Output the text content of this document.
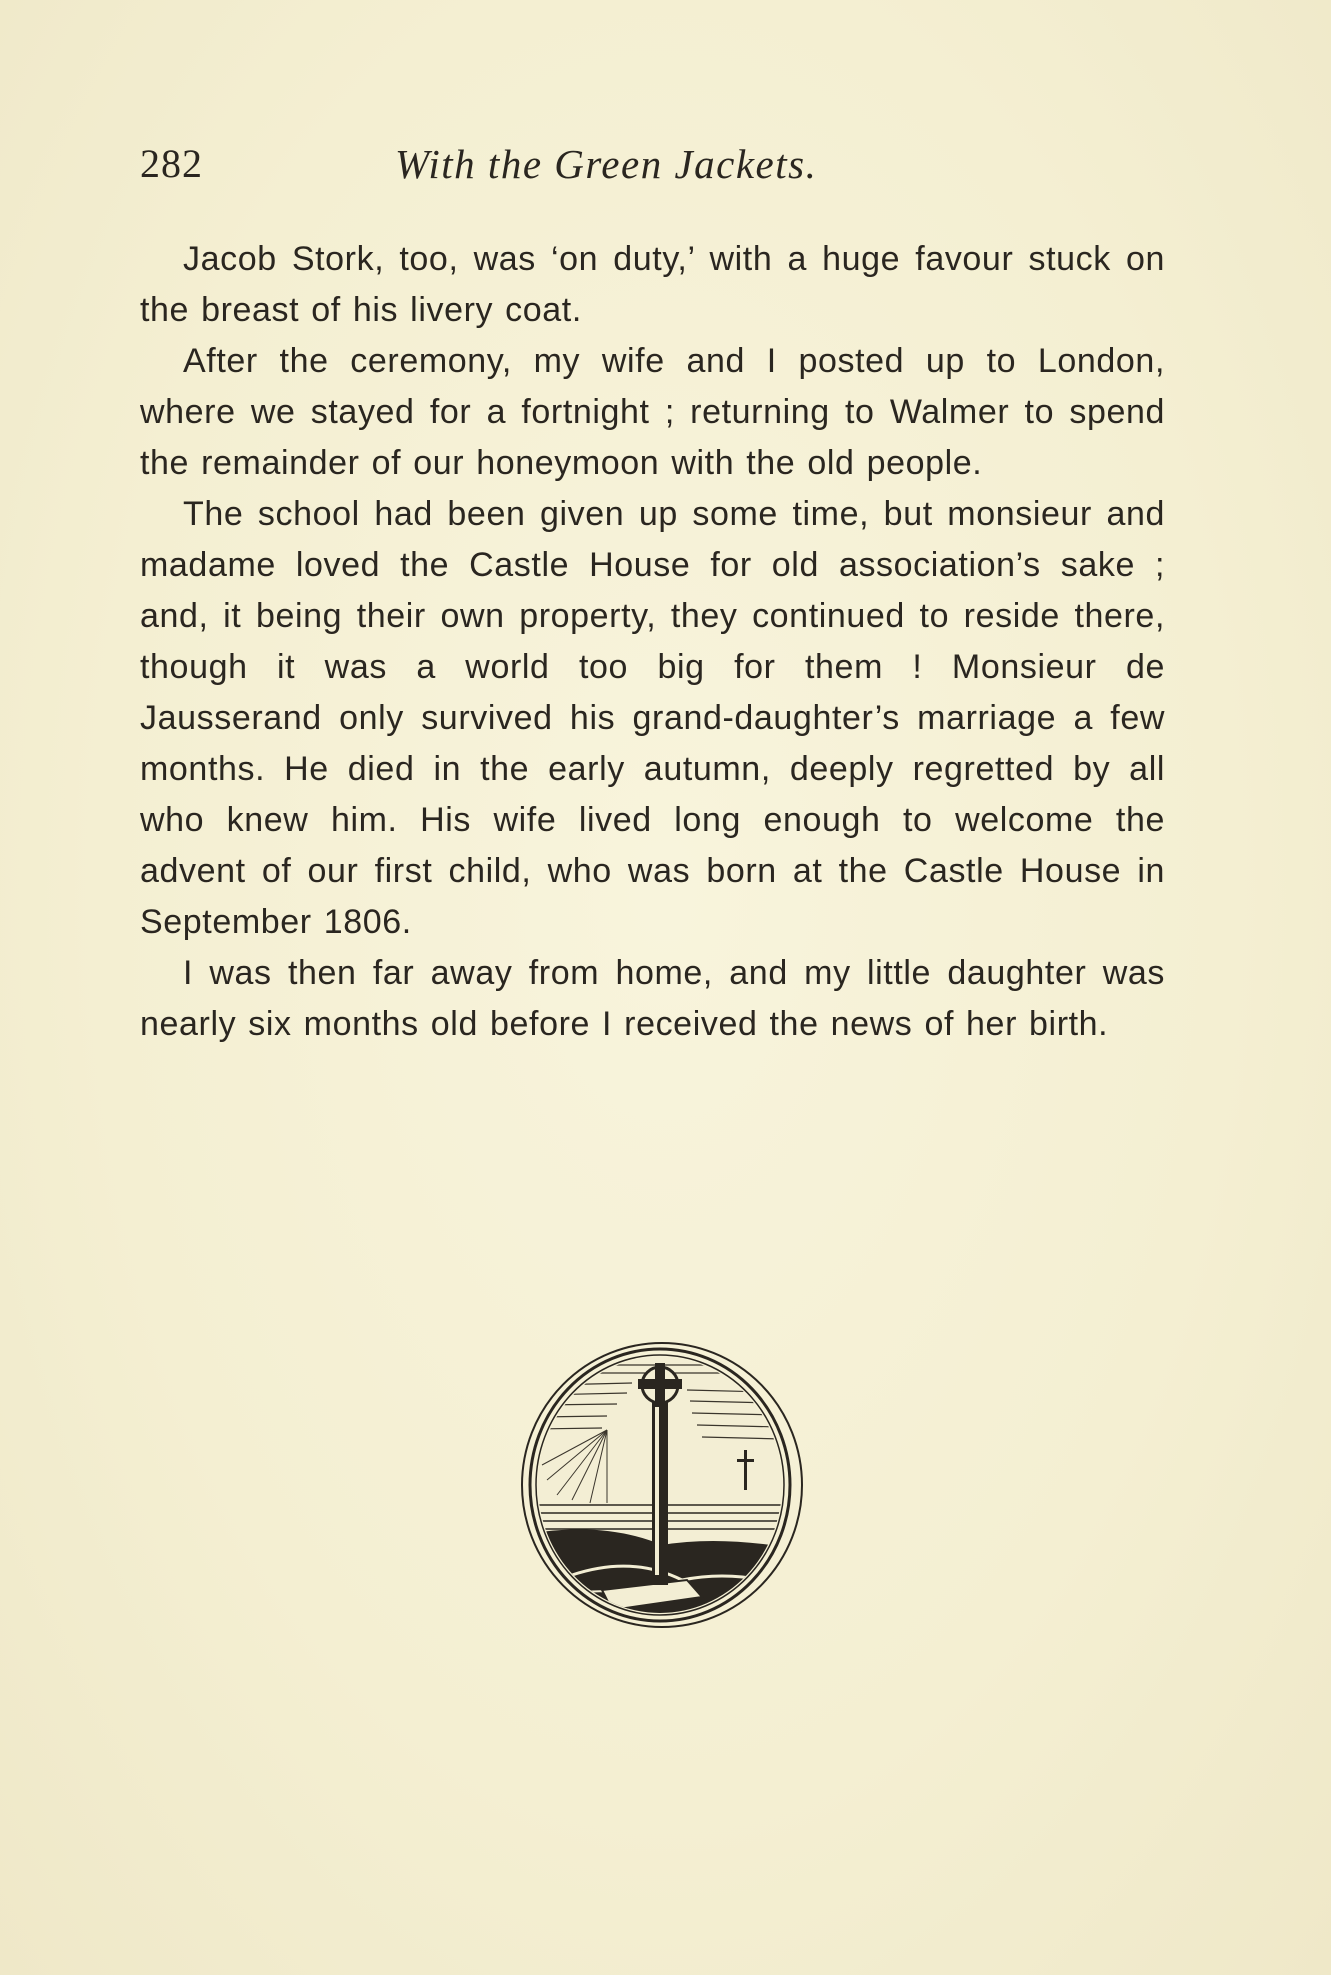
282	With the Green Jackets.

Jacob Stork, too, was ‘on duty,’ with a huge favour stuck on the breast of his livery coat.

After the ceremony, my wife and I posted up to London, where we stayed for a fortnight ; returning to Walmer to spend the remainder of our honeymoon with the old people.

The school had been given up some time, but monsieur and madame loved the Castle House for old association’s sake ; and, it being their own property, they continued to reside there, though it was a world too big for them ! Monsieur de Jausserand only survived his grand-daughter’s marriage a few months. He died in the early autumn, deeply regretted by all who knew him. His wife lived long enough to welcome the advent of our first child, who was born at the Castle House in September 1806.

I was then far away from home, and my little daughter was nearly six months old before I received the news of her birth.
